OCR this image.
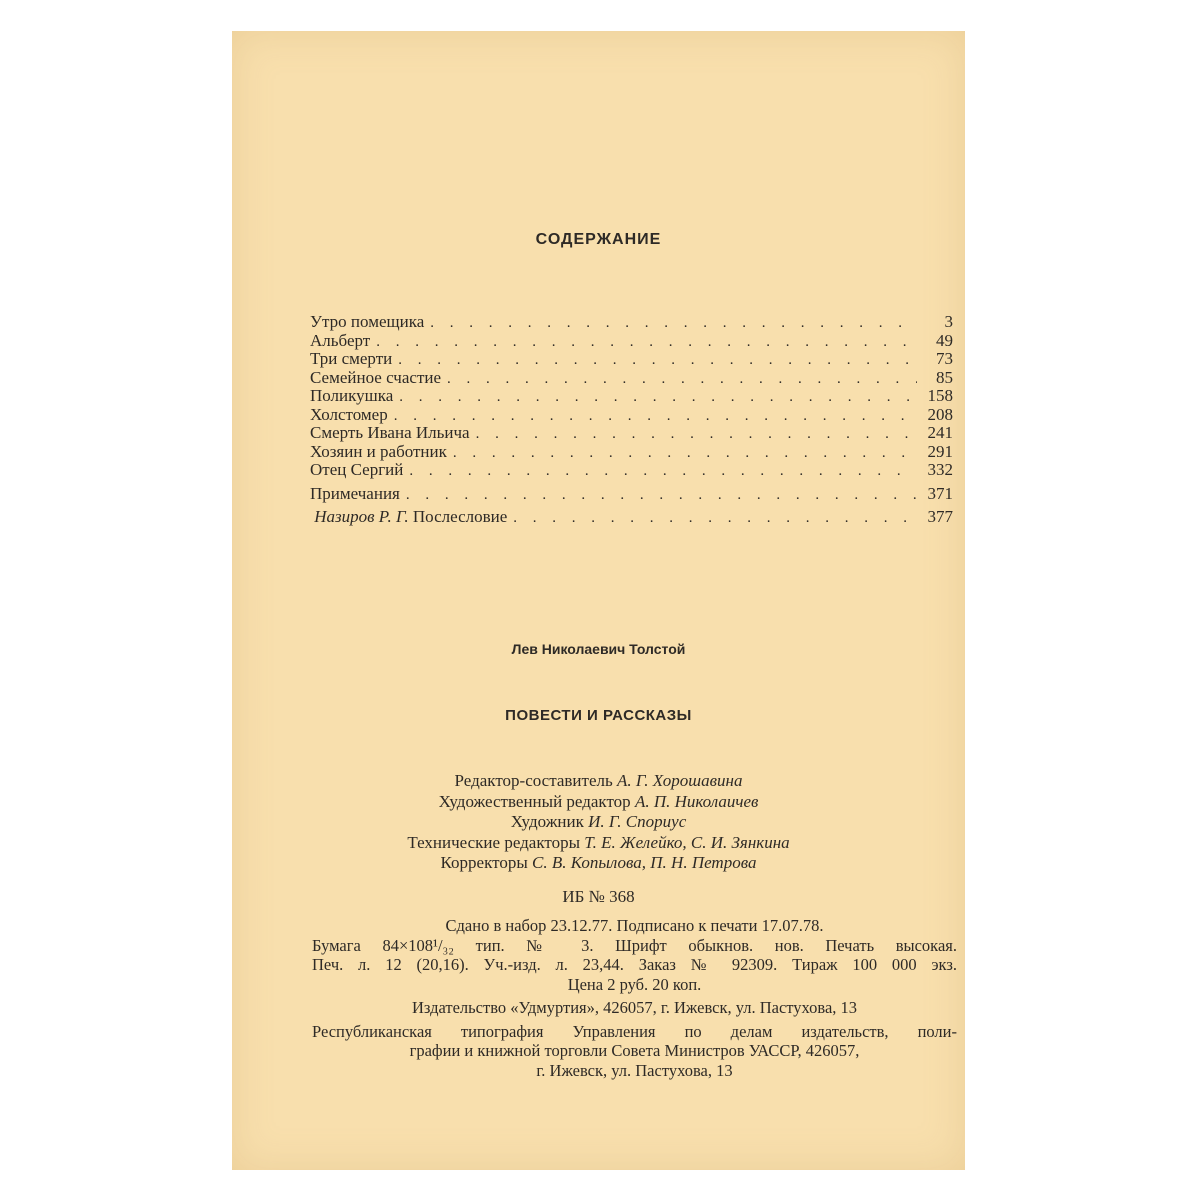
СОДЕРЖАНИЕ
Утро помещика . . .	3
Альберт . . .	49
Три смерти . . .	73
Семейное счастие . . .	85
Поликушка . . .	158
Холстомер . . .	208
Смерть Ивана Ильича . . .	241
Хозяин и работник . . .	291
Отец Сергий . . .	332
Примечания . . .	371
Назиров Р. Г. Послесловие . . .	377
Лев Николаевич Толстой
ПОВЕСТИ И РАССКАЗЫ
Редактор-составитель А. Г. Хорошавина
Художественный редактор А. П. Николаичев
Художник И. Г. Спориус
Технические редакторы Т. Е. Желейко, С. И. Зянкина
Корректоры С. В. Копылова, П. Н. Петрова
ИБ № 368
Сдано в набор 23.12.77. Подписано к печати 17.07.78.
Бумага 84×108¹/₃₂ тип. № 3. Шрифт обыкнов. нов. Печать высокая.
Печ. л. 12 (20,16). Уч.-изд. л. 23,44. Заказ № 92309. Тираж 100 000 экз.
Цена 2 руб. 20 коп.
Издательство «Удмуртия», 426057, г. Ижевск, ул. Пастухова, 13
Республиканская типография Управления по делам издательств, поли-
графии и книжной торговли Совета Министров УАССР, 426057,
г. Ижевск, ул. Пастухова, 13
